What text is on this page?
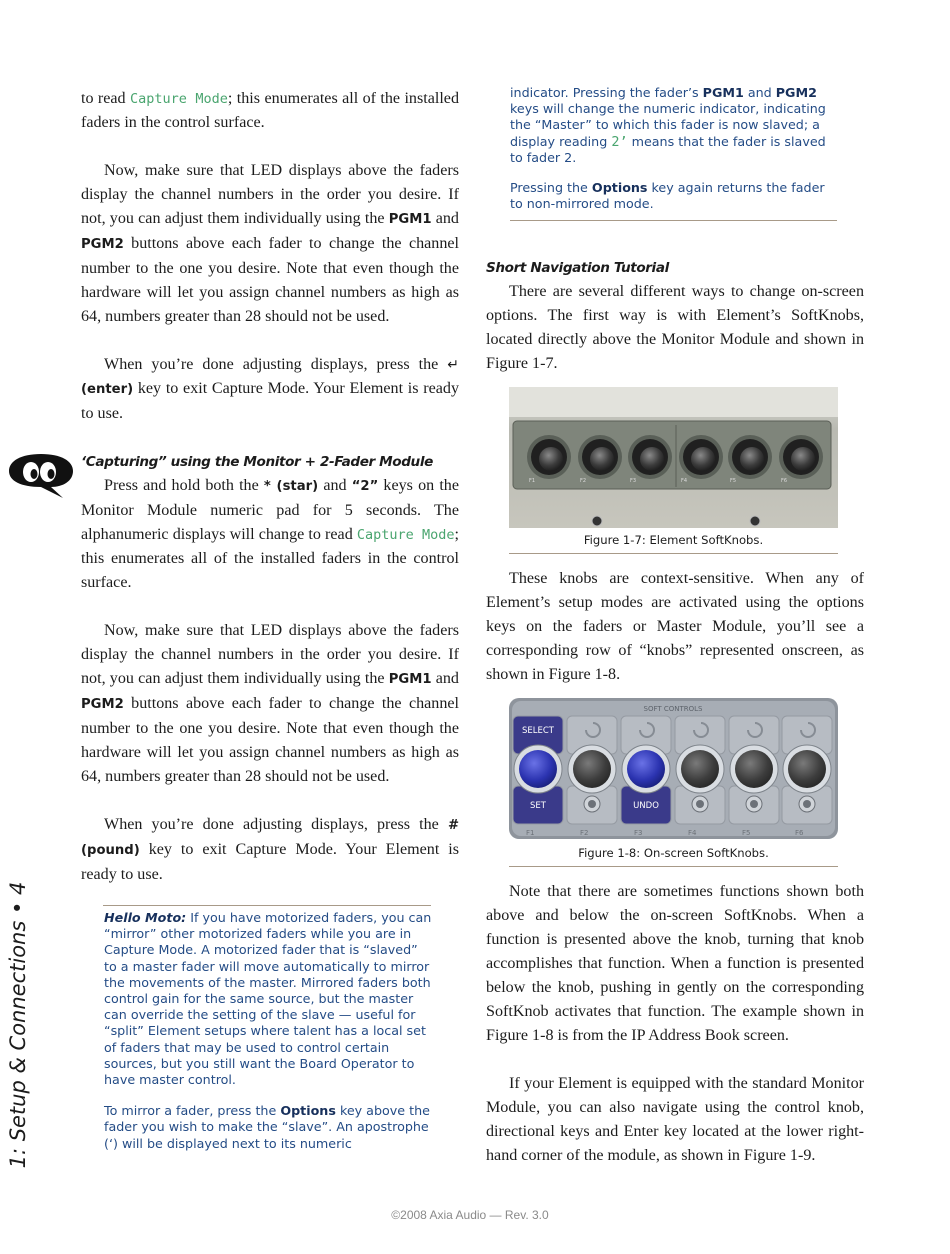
to read Capture Mode; this enumerates all of the installed faders in the control surface.

Now, make sure that LED displays above the faders display the channel numbers in the order you desire. If not, you can adjust them individually using the PGM1 and PGM2 buttons above each fader to change the channel number to the one you desire. Note that even though the hardware will let you assign channel numbers as high as 64, numbers greater than 28 should not be used.

When you’re done adjusting displays, press the ↵ (enter) key to exit Capture Mode. Your Element is ready to use.

‘Capturing” using the Monitor + 2-Fader Module

Press and hold both the * (star) and “2” keys on the Monitor Module numeric pad for 5 seconds. The alphanumeric displays will change to read Capture Mode; this enumerates all of the installed faders in the control surface.

Now, make sure that LED displays above the faders display the channel numbers in the order you desire. If not, you can adjust them individually using the PGM1 and PGM2 buttons above each fader to change the channel number to the one you desire. Note that even though the hardware will let you assign channel numbers as high as 64, numbers greater than 28 should not be used.

When you’re done adjusting displays, press the # (pound) key to exit Capture Mode. Your Element is ready to use.

Hello Moto: If you have motorized faders, you can “mirror” other motorized faders while you are in Capture Mode. A motorized fader that is “slaved” to a master fader will move automatically to mirror the movements of the master. Mirrored faders both control gain for the same source, but the master can override the setting of the slave — useful for “split” Element setups where talent has a local set of faders that may be used to control certain sources, but you still want the Board Operator to have master control.

To mirror a fader, press the Options key above the fader you wish to make the “slave”. An apostrophe (‘) will be displayed next to its numeric

indicator. Pressing the fader’s PGM1 and PGM2 keys will change the numeric indicator, indicating the “Master” to which this fader is now slaved; a display reading 2’ means that the fader is slaved to fader 2.

Pressing the Options key again returns the fader to non-mirrored mode.

Short Navigation Tutorial

There are several different ways to change on-screen options. The first way is with Element’s SoftKnobs, located directly above the Monitor Module and shown in Figure 1-7.

F1	F2	F3	F4	F5	F6
Figure 1-7: Element SoftKnobs.

These knobs are context-sensitive. When any of Element’s setup modes are activated using the options keys on the faders or Master Module, you’ll see a corresponding row of “knobs” represented onscreen, as shown in Figure 1-8.

SOFT CONTROLS
F1	F2	F3	F4	F5	F6
SELECT
SET	UNDO
Figure 1-8: On-screen SoftKnobs.

Note that there are sometimes functions shown both above and below the on-screen SoftKnobs. When a function is presented above the knob, turning that knob accomplishes that function. When a function is presented below the knob, pushing in gently on the corresponding SoftKnob activates that function. The example shown in Figure 1-8 is from the IP Address Book screen.

If your Element is equipped with the standard Monitor Module, you can also navigate using the control knob, directional keys and Enter key located at the lower right-hand corner of the module, as shown in Figure 1-9.

1: Setup & Connections • 4
©2008 Axia Audio — Rev. 3.0
